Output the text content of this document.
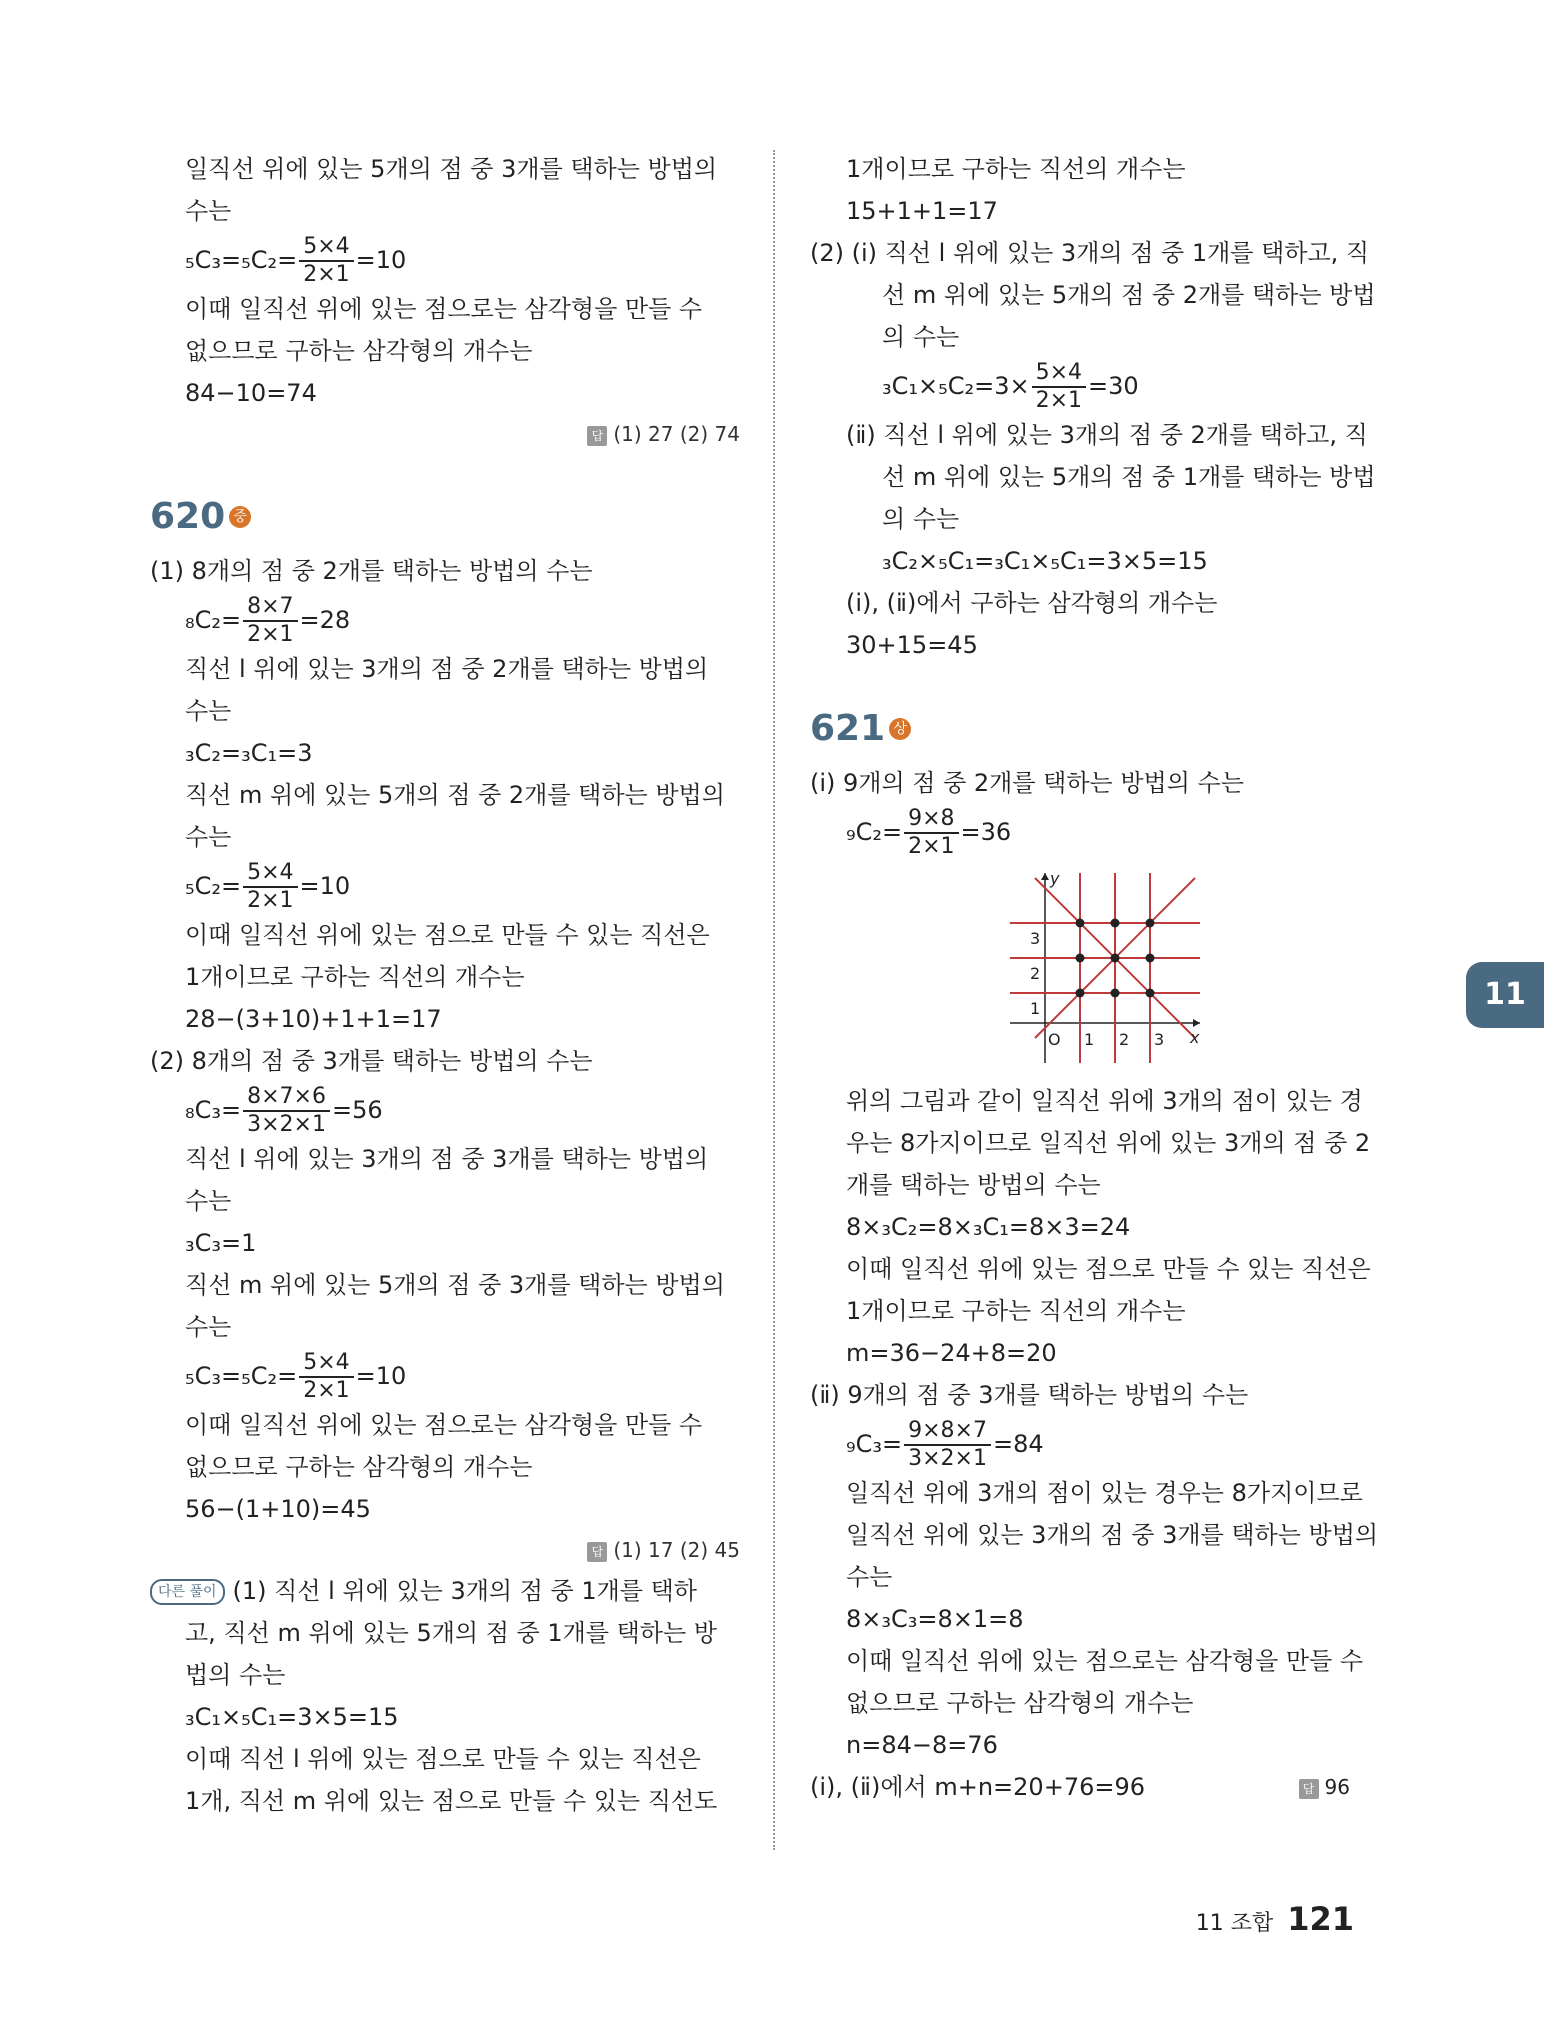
일직선 위에 있는 5개의 점 중 3개를 택하는 방법의
수는
$_5C_3=_5C_2= \frac{5\times 4}{2\times 1} =10$
이때 일직선 위에 있는 점으로는 삼각형을 만들 수
없으므로 구하는 삼각형의 개수는
84−10=74
답 (1) 27 (2) 74
620 중
(1) 8개의 점 중 2개를 택하는 방법의 수는
$_8C_2= \frac{8\times 7}{2\times 1} =28$
직선 l 위에 있는 3개의 점 중 2개를 택하는 방법의
수는
₃C₂=₃C₁=3
직선 m 위에 있는 5개의 점 중 2개를 택하는 방법의
수는
$_5C_2= \frac{5\times 4}{2\times 1} =10$
이때 일직선 위에 있는 점으로 만들 수 있는 직선은
1개이므로 구하는 직선의 개수는
28−(3+10)+1+1=17
(2) 8개의 점 중 3개를 택하는 방법의 수는
$_8C_3= \frac{8\times 7\times 6}{3\times 2\times 1} =56$
직선 l 위에 있는 3개의 점 중 3개를 택하는 방법의
수는
₃C₃=1
직선 m 위에 있는 5개의 점 중 3개를 택하는 방법의
수는
$_5C_3=_5C_2= \frac{5\times 4}{2\times 1} =10$
이때 일직선 위에 있는 점으로는 삼각형을 만들 수
없으므로 구하는 삼각형의 개수는
56−(1+10)=45
답 (1) 17 (2) 45
다른 풀이 (1) 직선 l 위에 있는 3개의 점 중 1개를 택하
고, 직선 m 위에 있는 5개의 점 중 1개를 택하는 방
법의 수는
₃C₁×₅C₁=3×5=15
이때 직선 l 위에 있는 점으로 만들 수 있는 직선은
1개, 직선 m 위에 있는 점으로 만들 수 있는 직선도
1개이므로 구하는 직선의 개수는
15+1+1=17
(2) (ⅰ) 직선 l 위에 있는 3개의 점 중 1개를 택하고, 직
선 m 위에 있는 5개의 점 중 2개를 택하는 방법
의 수는
$_3C_1\times_5C_2=3\times \frac{5\times 4}{2\times 1} =30$
(ⅱ) 직선 l 위에 있는 3개의 점 중 2개를 택하고, 직
선 m 위에 있는 5개의 점 중 1개를 택하는 방법
의 수는
₃C₂×₅C₁=₃C₁×₅C₁=3×5=15
(ⅰ), (ⅱ)에서 구하는 삼각형의 개수는
30+15=45
621 상
(ⅰ) 9개의 점 중 2개를 택하는 방법의 수는
$_9C_2= \frac{9\times 8}{2\times 1} =36$
y
x
O 1 2 3
1
2
3
위의 그림과 같이 일직선 위에 3개의 점이 있는 경
우는 8가지이므로 일직선 위에 있는 3개의 점 중 2
개를 택하는 방법의 수는
8×₃C₂=8×₃C₁=8×3=24
이때 일직선 위에 있는 점으로 만들 수 있는 직선은
1개이므로 구하는 직선의 개수는
m=36−24+8=20
(ⅱ) 9개의 점 중 3개를 택하는 방법의 수는
$_9C_3= \frac{9\times 8\times 7}{3\times 2\times 1} =84$
일직선 위에 3개의 점이 있는 경우는 8가지이므로
일직선 위에 있는 3개의 점 중 3개를 택하는 방법의
수는
8×₃C₃=8×1=8
이때 일직선 위에 있는 점으로는 삼각형을 만들 수
없으므로 구하는 삼각형의 개수는
n=84−8=76
(ⅰ), (ⅱ)에서 m+n=20+76=96	답 96
11
11 조합 121
